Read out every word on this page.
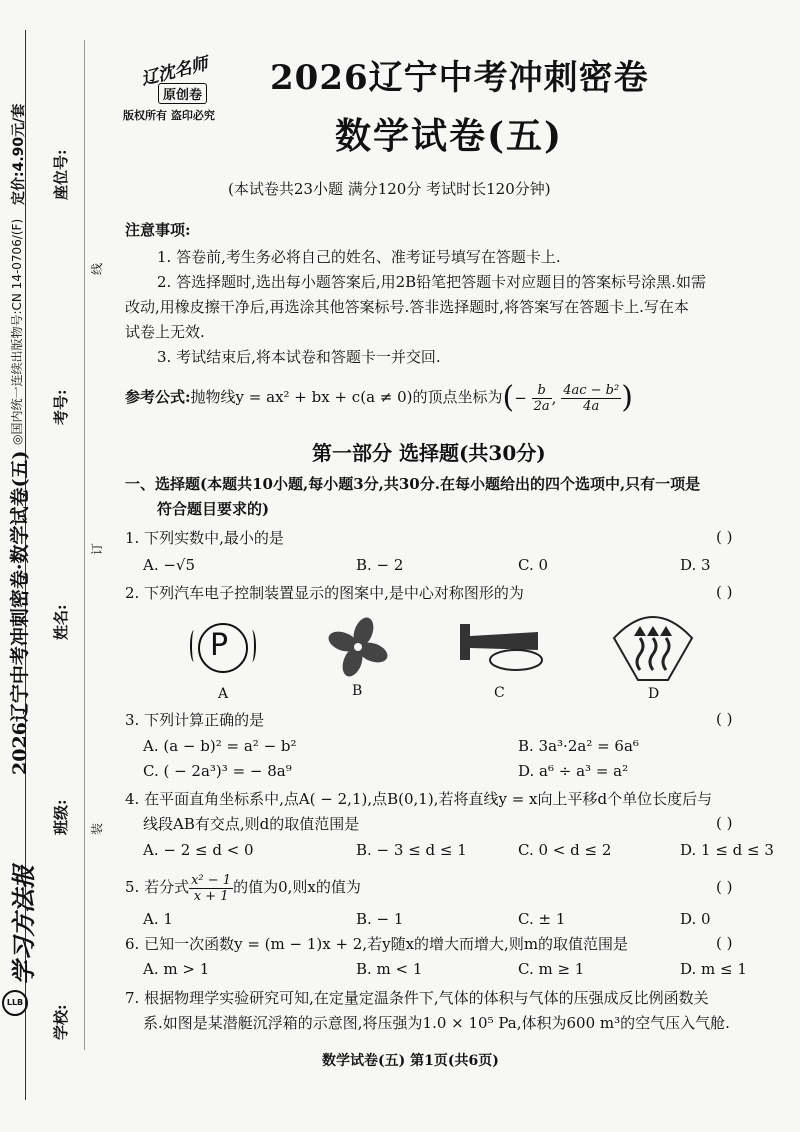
定价:4.90元/套
◎国内统一连续出版物号:CN 14-0706/(F)
2026辽宁中考冲刺密卷·数学试卷(五)
座位号:
考号:
姓名:
班级:
学校:
线
订
装
学习方法报
LLB
辽沈名师
原创卷
版权所有 盗印必究
2026辽宁中考冲刺密卷
数学试卷(五)
(本试卷共23小题 满分120分 考试时长120分钟)
注意事项:
1. 答卷前,考生务必将自己的姓名、准考证号填写在答题卡上.
2. 答选择题时,选出每小题答案后,用2B铅笔把答题卡对应题目的答案标号涂黑.如需
改动,用橡皮擦干净后,再选涂其他答案标号.答非选择题时,将答案写在答题卡上.写在本
试卷上无效.
3. 考试结束后,将本试卷和答题卡一并交回.
参考公式:抛物线y = ax² + bx + c(a ≠ 0)的顶点坐标为(− $\frac{b}{2a}$ , $\frac{\text{4ac − b²}}{4a}$ )
第一部分 选择题(共30分)
一、选择题(本题共10小题,每小题3分,共30分.在每小题给出的四个选项中,只有一项是
符合题目要求的)
1. 下列实数中,最小的是	( )
A. −√5	B. − 2	C. 0	D. 3
2. 下列汽车电子控制装置显示的图案中,是中心对称图形的为	( )
P
A	B	C	D
3. 下列计算正确的是	( )
A. (a − b)² = a² − b²	B. 3a³·2a² = 6a⁶
C. ( − 2a³)³ = − 8a⁹	D. a⁶ ÷ a³ = a²
4. 在平面直角坐标系中,点A( − 2,1),点B(0,1),若将直线y = x向上平移d个单位长度后与
线段AB有交点,则d的取值范围是	( )
A. − 2 ≤ d < 0	B. − 3 ≤ d ≤ 1	C. 0 < d ≤ 2	D. 1 ≤ d ≤ 3
5. 若分式 $\frac{\text{x² − 1}}{x + 1}$ 的值为0,则x的值为	( )
A. 1	B. − 1	C. ± 1	D. 0
6. 已知一次函数y = (m − 1)x + 2,若y随x的增大而增大,则m的取值范围是	( )
A. m > 1	B. m < 1	C. m ≥ 1	D. m ≤ 1
7. 根据物理学实验研究可知,在定量定温条件下,气体的体积与气体的压强成反比例函数关
系.如图是某潜艇沉浮箱的示意图,将压强为1.0 × 10⁵ Pa,体积为600 m³的空气压入气舱.
数学试卷(五) 第1页(共6页)
